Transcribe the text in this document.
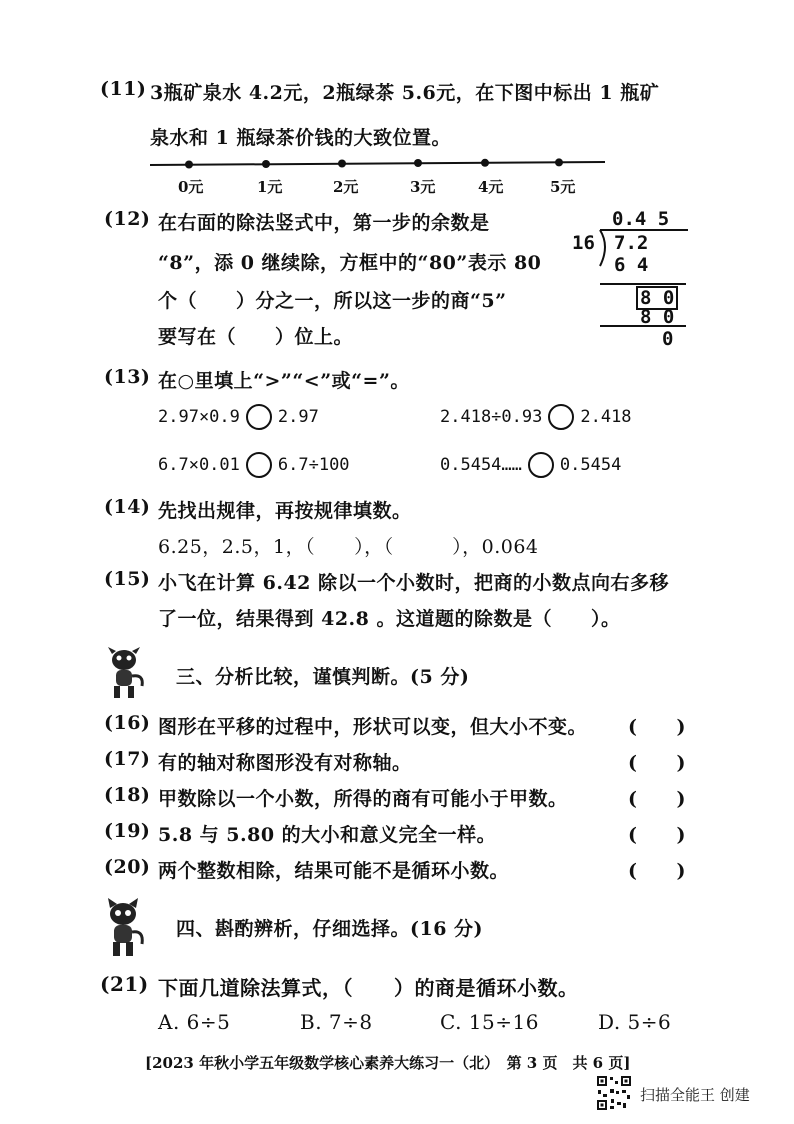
(11) 3瓶矿泉水 4.2元，2瓶绿茶 5.6元，在下图中标出 1 瓶矿
泉水和 1 瓶绿茶价钱的大致位置。
0元	1元	2元	3元	4元	5元
(12) 在右面的除法竖式中，第一步的余数是
“8”，添 0 继续除，方框中的“80”表示 80
个（　　）分之一，所以这一步的商“5”
要写在（　　）位上。
0.4 5
16 7.2
6 4
8 0
8 0
0
(13) 在○里填上“>”“<”或“=”。
2.97×0.9 2.97	2.418÷0.93 2.418
6.7×0.01 6.7÷100	0.5454…… 0.5454
(14) 先找出规律，再按规律填数。
6.25，2.5，1，（　　），（　　　），0.064
(15) 小飞在计算 6.42 除以一个小数时，把商的小数点向右多移
了一位，结果得到 42.8 。这道题的除数是（　　）。
三、分析比较，谨慎判断。(5 分)
(16) 图形在平移的过程中，形状可以变，但大小不变。 (　　)
(17) 有的轴对称图形没有对称轴。	(　　)
(18) 甲数除以一个小数，所得的商有可能小于甲数。	(　　)
(19) 5.8 与 5.80 的大小和意义完全一样。	(　　)
(20) 两个整数相除，结果可能不是循环小数。	(　　)
四、斟酌辨析，仔细选择。(16 分)
(21) 下面几道除法算式，（　　）的商是循环小数。
A. 6÷5	B. 7÷8	C. 15÷16	D. 5÷6
[2023 年秋小学五年级数学核心素养大练习一（北）　第 3 页　共 6 页]
扫描全能王 创建
